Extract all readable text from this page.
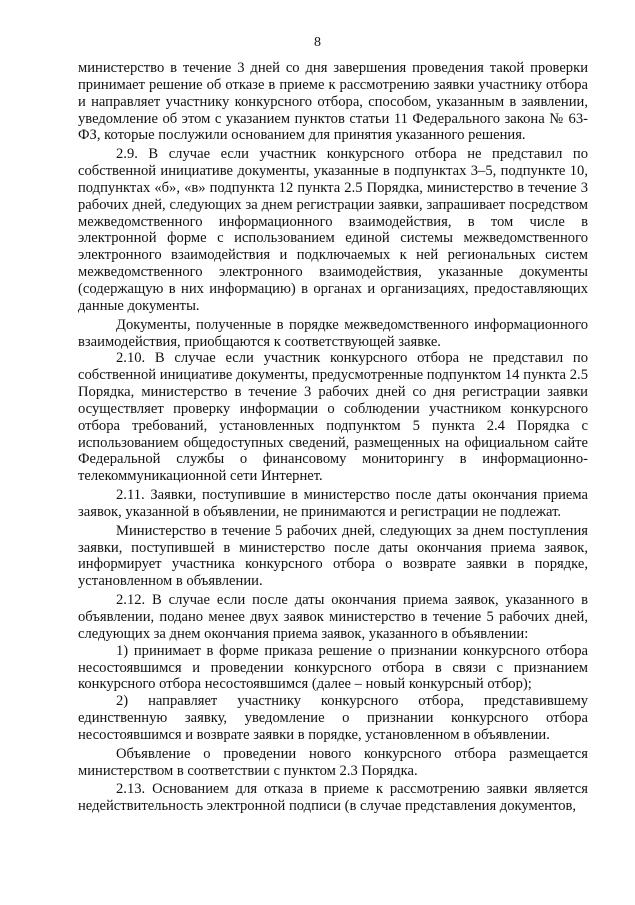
8

министерство в течение 3 дней со дня завершения проведения такой проверки принимает решение об отказе в приеме к рассмотрению заявки участнику отбора и направляет участнику конкурсного отбора, способом, указанным в заявлении, уведомление об этом с указанием пунктов статьи 11 Федерального закона № 63-ФЗ, которые послужили основанием для принятия указанного решения.

2.9. В случае если участник конкурсного отбора не представил по собственной инициативе документы, указанные в подпунктах 3–5, подпункте 10, подпунктах «б», «в» подпункта 12 пункта 2.5 Порядка, министерство в течение 3 рабочих дней, следующих за днем регистрации заявки, запрашивает посредством межведомственного информационного взаимодействия, в том числе в электронной форме с использованием единой системы межведомственного электронного взаимодействия и подключаемых к ней региональных систем межведомственного электронного взаимодействия, указанные документы (содержащую в них информацию) в органах и организациях, предоставляющих данные документы.

Документы, полученные в порядке межведомственного информационного взаимодействия, приобщаются к соответствующей заявке.

2.10. В случае если участник конкурсного отбора не представил по собственной инициативе документы, предусмотренные подпунктом 14 пункта 2.5 Порядка, министерство в течение 3 рабочих дней со дня регистрации заявки осуществляет проверку информации о соблюдении участником конкурсного отбора требований, установленных подпунктом 5 пункта 2.4 Порядка с использованием общедоступных сведений, размещенных на официальном сайте Федеральной службы о финансовому мониторингу в информационно-телекоммуникационной сети Интернет.

2.11. Заявки, поступившие в министерство после даты окончания приема заявок, указанной в объявлении, не принимаются и регистрации не подлежат.

Министерство в течение 5 рабочих дней, следующих за днем поступления заявки, поступившей в министерство после даты окончания приема заявок, информирует участника конкурсного отбора о возврате заявки в порядке, установленном в объявлении.

2.12. В случае если после даты окончания приема заявок, указанного в объявлении, подано менее двух заявок министерство в течение 5 рабочих дней, следующих за днем окончания приема заявок, указанного в объявлении:

1) принимает в форме приказа решение о признании конкурсного отбора несостоявшимся и проведении конкурсного отбора в связи с признанием конкурсного отбора несостоявшимся (далее – новый конкурсный отбор);

2) направляет участнику конкурсного отбора, представившему единственную заявку, уведомление о признании конкурсного отбора несостоявшимся и возврате заявки в порядке, установленном в объявлении.

Объявление о проведении нового конкурсного отбора размещается министерством в соответствии с пунктом 2.3 Порядка.

2.13. Основанием для отказа в приеме к рассмотрению заявки является недействительность электронной подписи (в случае представления документов,
